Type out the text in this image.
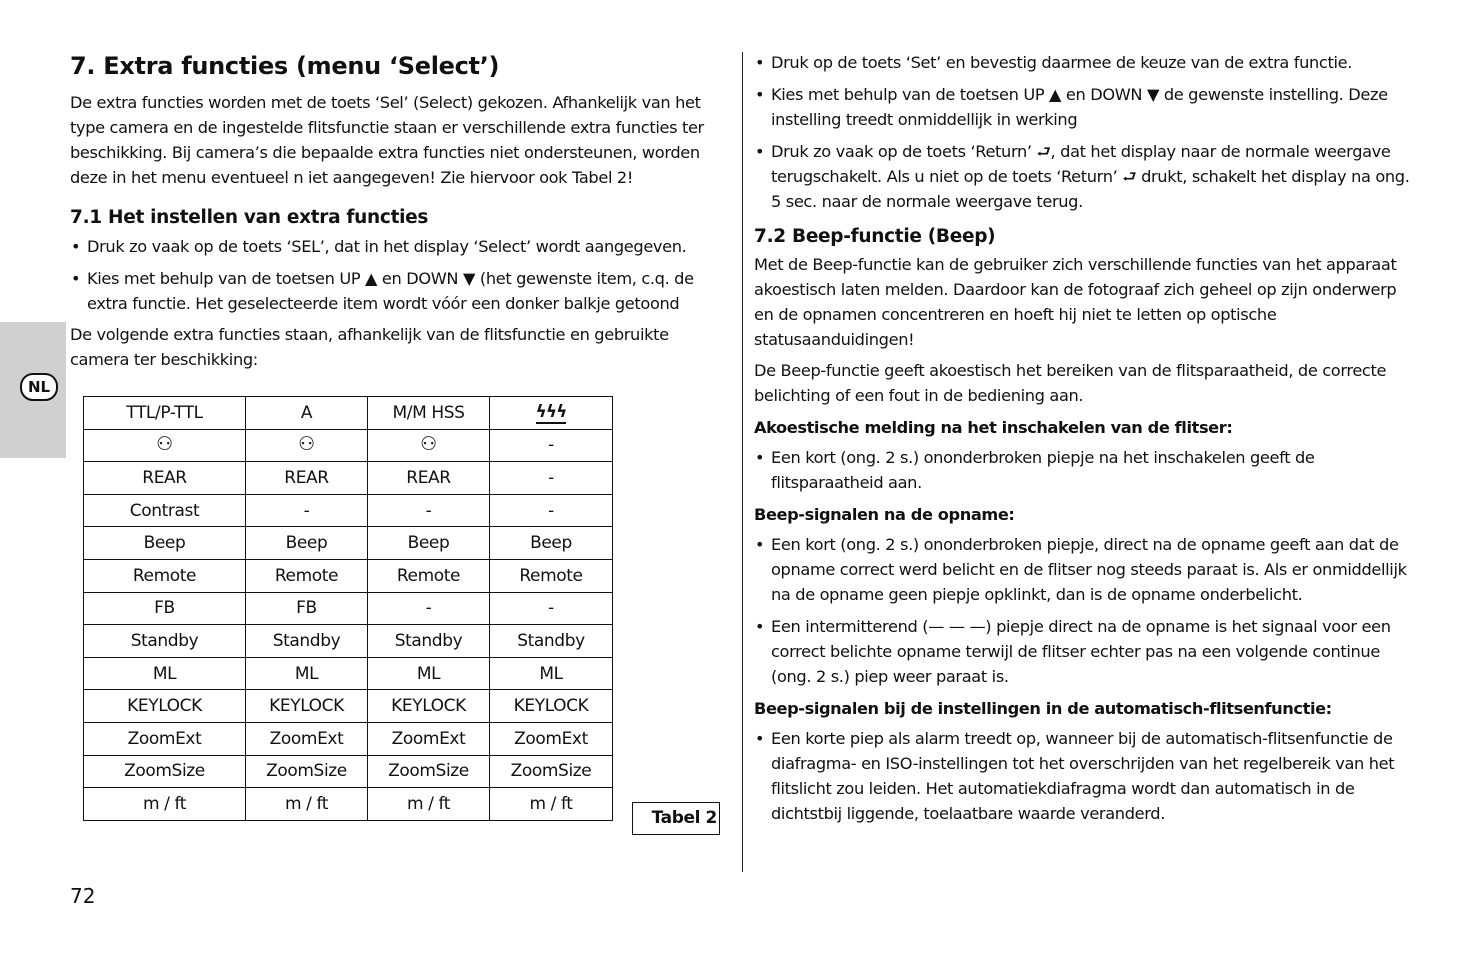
NL
7. Extra functies (menu ‘Select’)

De extra functies worden met de toets ‘Sel’ (Select) gekozen. Afhankelijk van het type camera en de ingestelde flitsfunctie staan er verschillende extra functies ter beschikking. Bij camera’s die bepaalde extra functies niet ondersteunen, worden deze in het menu eventueel n iet aangegeven! Zie hiervoor ook Tabel 2!

7.1 Het instellen van extra functies
• Druk zo vaak op de toets ‘SEL’, dat in het display ‘Select’ wordt aangegeven.
• Kies met behulp van de toetsen UP ▲ en DOWN ▼ (het gewenste item, c.q. de extra functie. Het geselecteerde item wordt vóór een donker balkje getoond

De volgende extra functies staan, afhankelijk van de flitsfunctie en gebruikte camera ter beschikking:

TTL/P-TTL	A	M/M HSS	ϟϟϟ
⚇	⚇	⚇	-
REAR	REAR	REAR	-
Contrast	-	-	-
Beep	Beep	Beep	Beep
Remote	Remote	Remote	Remote
FB	FB	-	-
Standby	Standby	Standby	Standby
ML	ML	ML	ML
KEYLOCK	KEYLOCK	KEYLOCK	KEYLOCK
ZoomExt	ZoomExt	ZoomExt	ZoomExt
ZoomSize	ZoomSize	ZoomSize	ZoomSize
m / ft	m / ft	m / ft	m / ft
Tabel 2
• Druk op de toets ‘Set’ en bevestig daarmee de keuze van de extra functie.
• Kies met behulp van de toetsen UP ▲ en DOWN ▼ de gewenste instelling. Deze instelling treedt onmiddellijk in werking
• Druk zo vaak op de toets ‘Return’ ⮐, dat het display naar de normale weergave terugschakelt. Als u niet op de toets ‘Return’ ⮐ drukt, schakelt het display na ong. 5 sec. naar de normale weergave terug.
7.2 Beep-functie (Beep)

Met de Beep-functie kan de gebruiker zich verschillende functies van het apparaat akoestisch laten melden. Daardoor kan de fotograaf zich geheel op zijn onderwerp en de opnamen concentreren en hoeft hij niet te letten op optische statusaanduidingen!

De Beep-functie geeft akoestisch het bereiken van de flitsparaatheid, de correcte belichting of een fout in de bediening aan.

Akoestische melding na het inschakelen van de flitser:
• Een kort (ong. 2 s.) ononderbroken piepje na het inschakelen geeft de flitsparaatheid aan.
Beep-signalen na de opname:
• Een kort (ong. 2 s.) ononderbroken piepje, direct na de opname geeft aan dat de opname correct werd belicht en de flitser nog steeds paraat is. Als er onmiddellijk na de opname geen piepje opklinkt, dan is de opname onderbelicht.
• Een intermitterend (— — —) piepje direct na de opname is het signaal voor een correct belichte opname terwijl de flitser echter pas na een volgende continue (ong. 2 s.) piep weer paraat is.
Beep-signalen bij de instellingen in de automatisch-flitsenfunctie:
• Een korte piep als alarm treedt op, wanneer bij de automatisch-flitsenfunctie de diafragma- en ISO-instellingen tot het overschrijden van het regelbereik van het flitslicht zou leiden. Het automatiekdiafragma wordt dan automatisch in de dichtstbij liggende, toelaatbare waarde veranderd.
72
